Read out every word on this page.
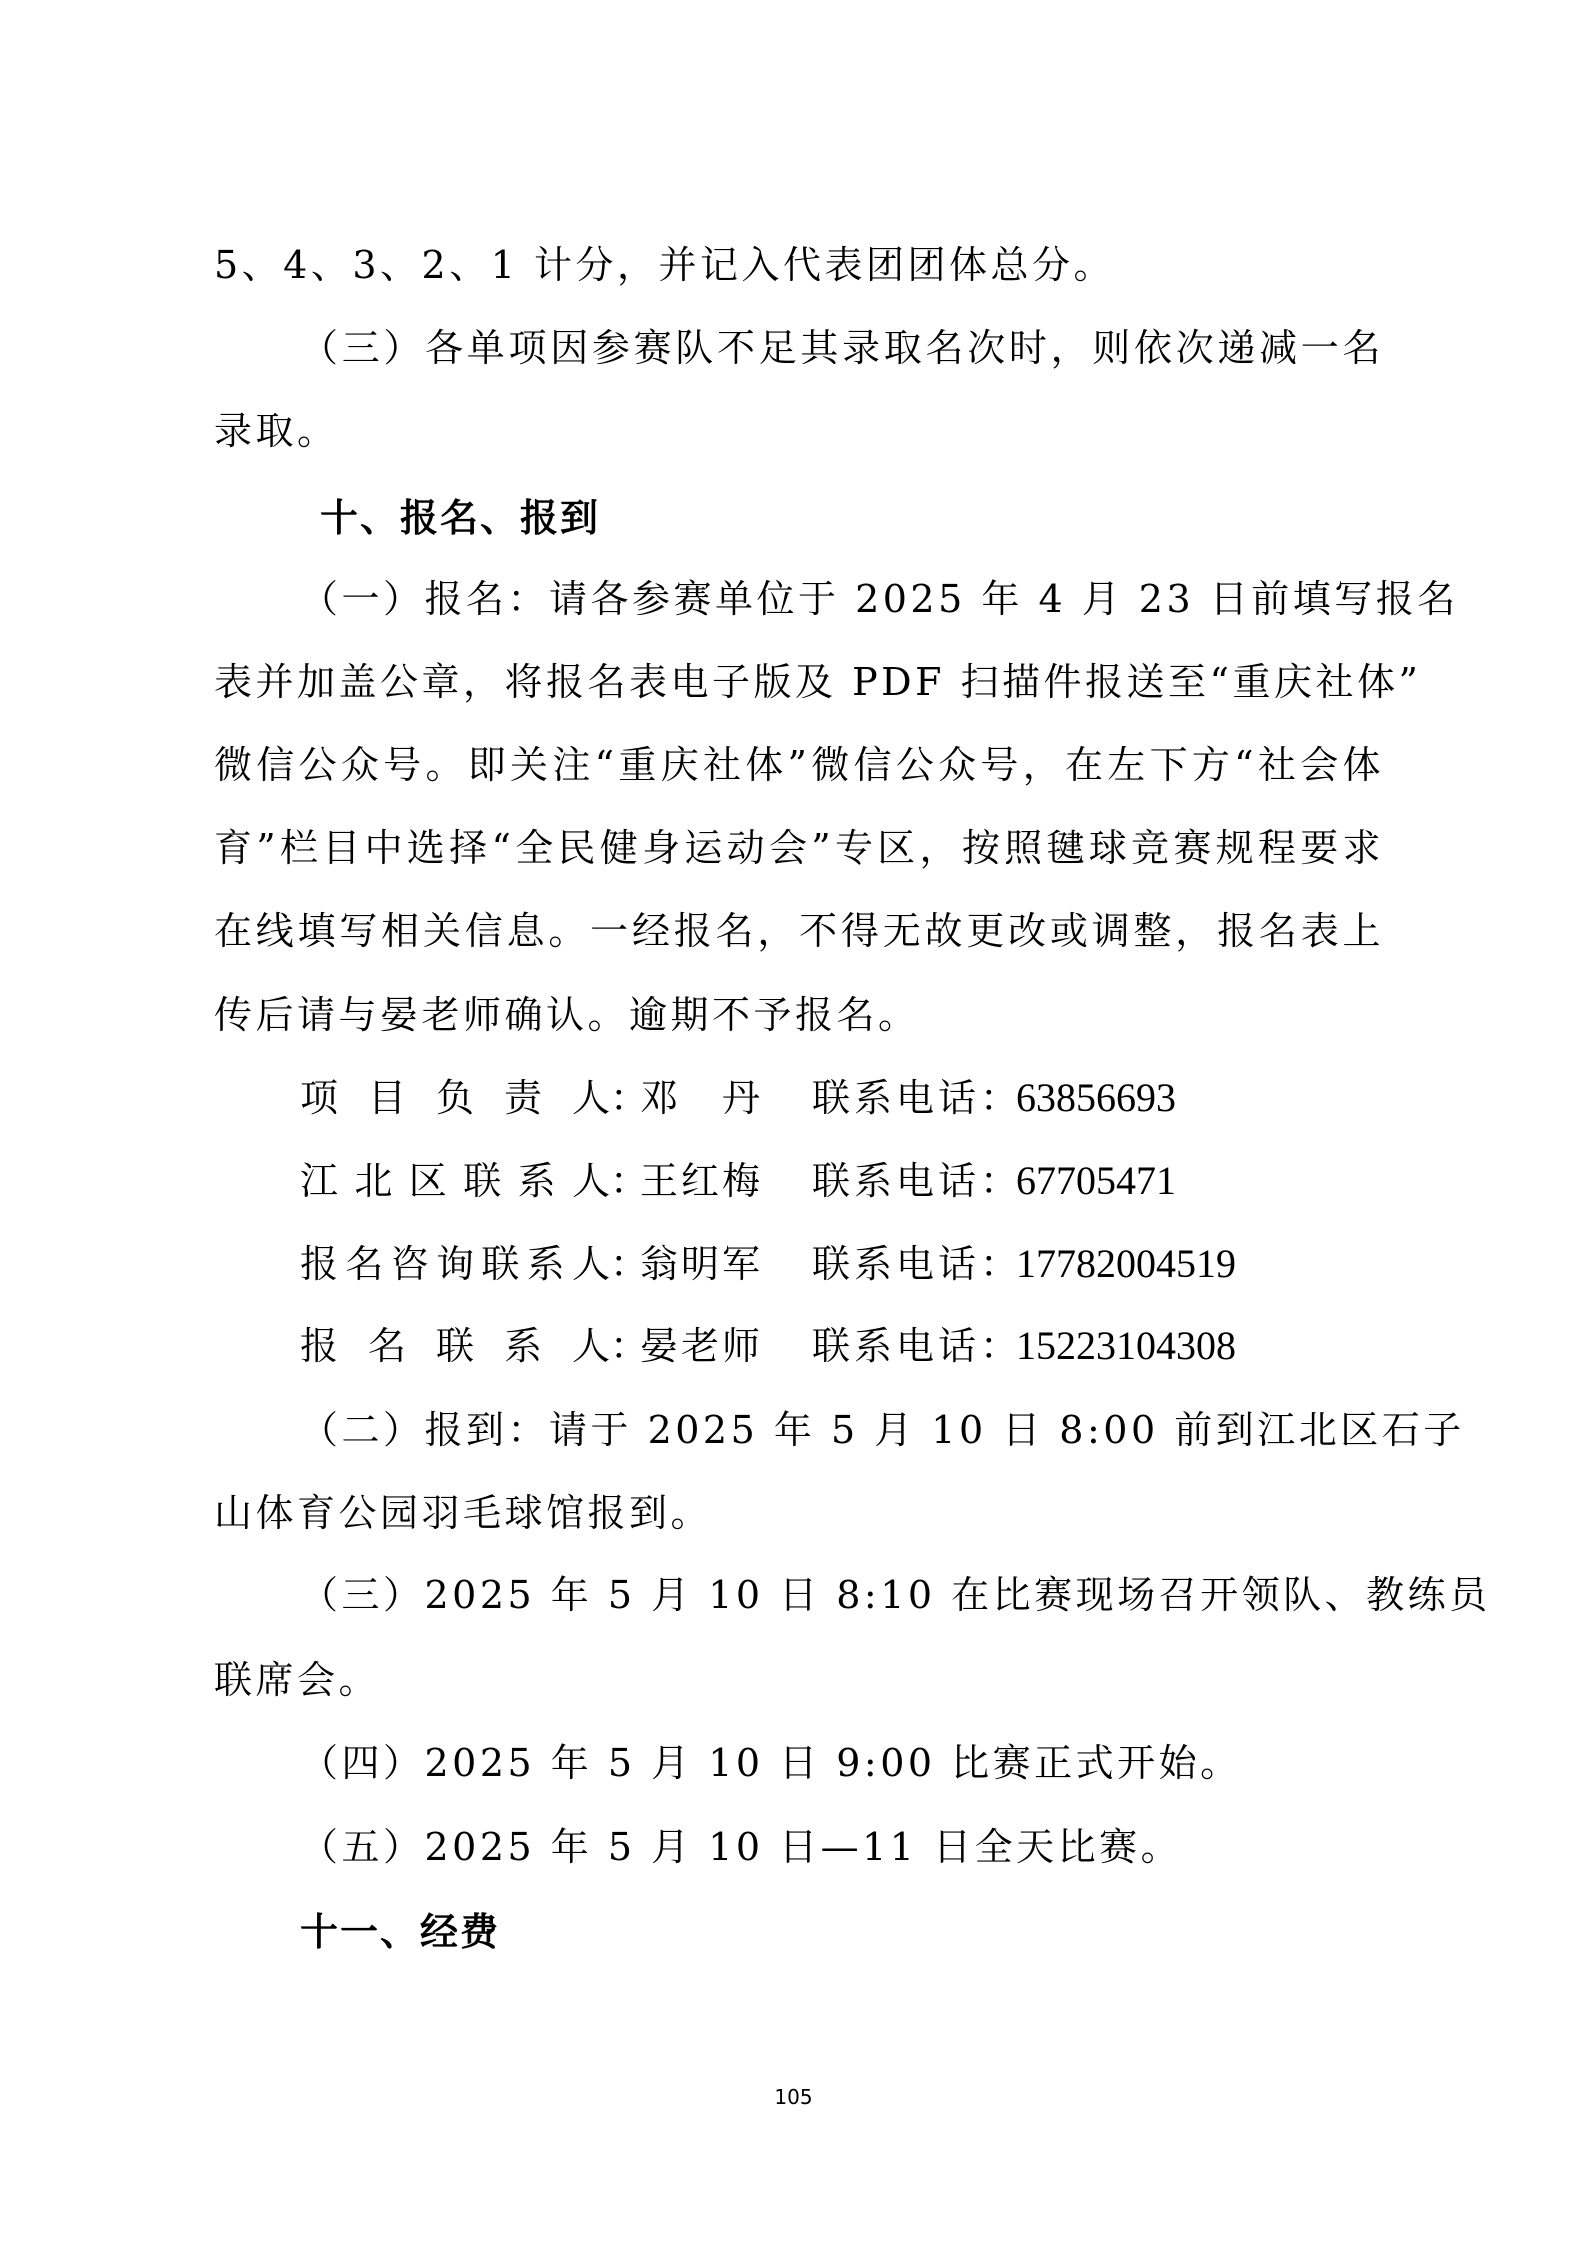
5、4、3、2、1 计分，并记入代表团团体总分。
（三）各单项因参赛队不足其录取名次时，则依次递减一名
录取。
十、报名、报到
（一）报名：请各参赛单位于 2025 年 4 月 23 日前填写报名
表并加盖公章，将报名表电子版及 PDF 扫描件报送至“重庆社体”
微信公众号。即关注“重庆社体”微信公众号，在左下方“社会体
育”栏目中选择“全民健身运动会”专区，按照毽球竞赛规程要求
在线填写相关信息。一经报名，不得无故更改或调整，报名表上
传后请与晏老师确认。逾期不予报名。
项目负责人 ：
邓丹 联系电话：
63856693
江北区联系人 ：
王红梅 联系电话：
67705471
报名咨询联系人 ：
翁明军 联系电话：
17782004519
报名联系人 ：
晏老师 联系电话：
15223104308
（二）报到：请于 2025 年 5 月 10 日 8:00 前到江北区石子
山体育公园羽毛球馆报到。
（三）2025 年 5 月 10 日 8:10 在比赛现场召开领队、教练员
联席会。
（四）2025 年 5 月 10 日 9:00 比赛正式开始。
（五）2025 年 5 月 10 日—11 日全天比赛。
十一、经费
105
